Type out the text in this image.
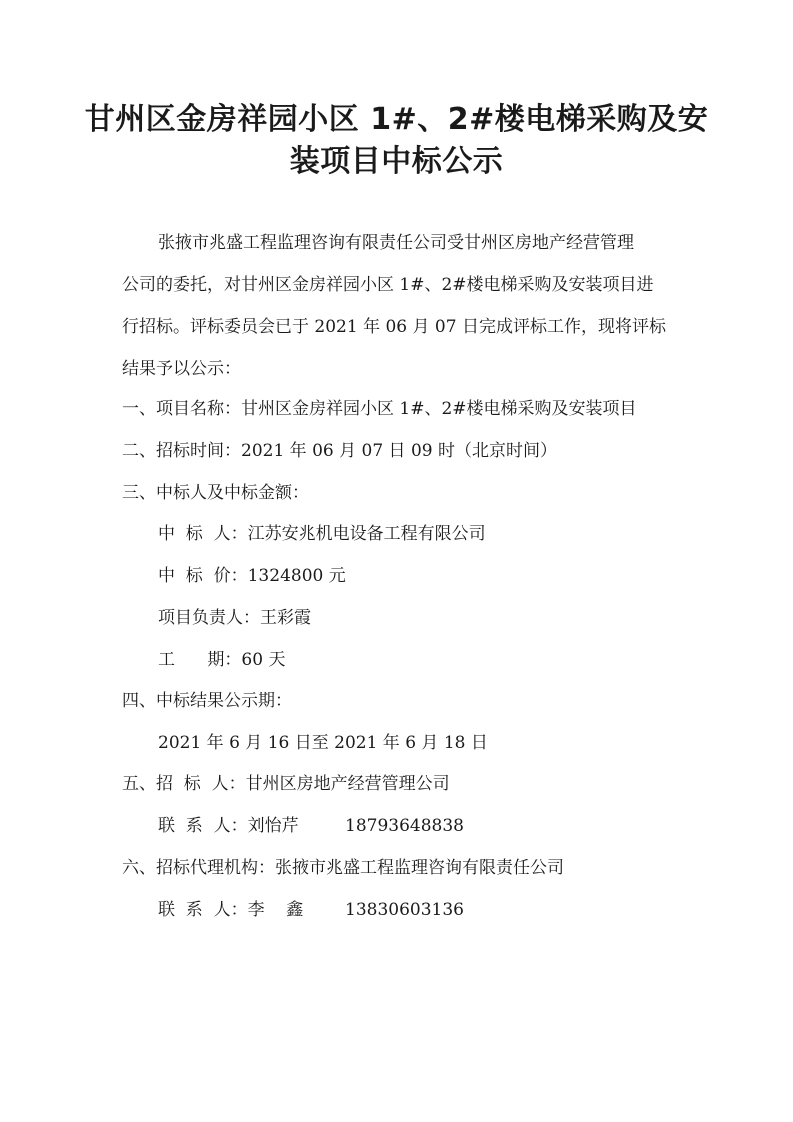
甘州区金房祥园小区 1#、2#楼电梯采购及安
装项目中标公示
张掖市兆盛工程监理咨询有限责任公司受甘州区房地产经营管理
公司的委托，对甘州区金房祥园小区 1#、2#楼电梯采购及安装项目进
行招标。评标委员会已于 2021 年 06 月 07 日完成评标工作，现将评标
结果予以公示：
一、项目名称：甘州区金房祥园小区 1#、2#楼电梯采购及安装项目
二、招标时间：2021 年 06 月 07 日 09 时（北京时间）
三、中标人及中标金额：
中  标  人：江苏安兆机电设备工程有限公司
中  标  价：1324800 元
项目负责人：王彩霞
工      期：60 天
四、中标结果公示期：
2021 年 6 月 16 日至 2021 年 6 月 18 日
五、招  标  人：甘州区房地产经营管理公司
联  系  人：刘怡芹	18793648838
六、招标代理机构：张掖市兆盛工程监理咨询有限责任公司
联  系  人：李    鑫 13830603136
